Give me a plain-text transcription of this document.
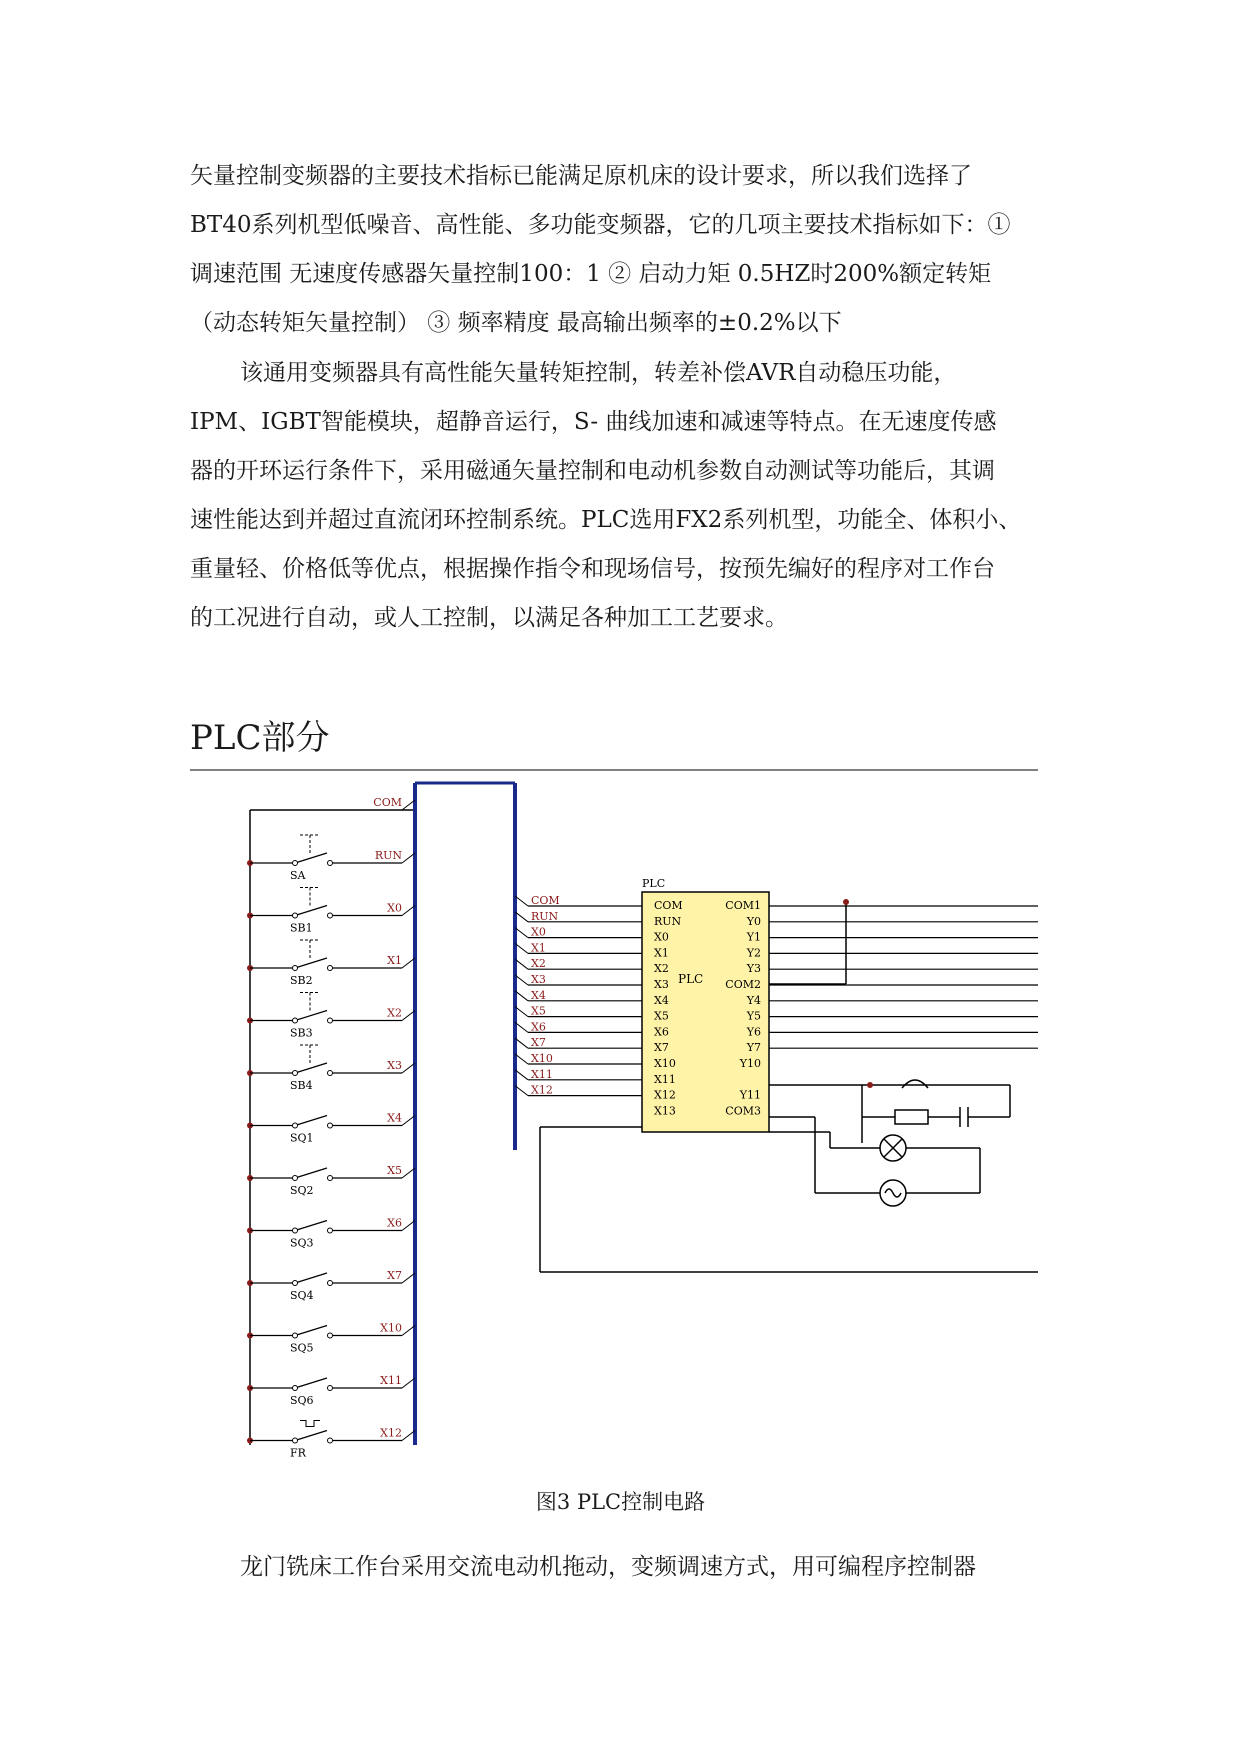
矢量控制变频器的主要技术指标已能满足原机床的设计要求，所以我们选择了
BT40系列机型低噪音、高性能、多功能变频器，它的几项主要技术指标如下：①
调速范围 无速度传感器矢量控制100：1 ② 启动力矩 0.5HZ时200%额定转矩
（动态转矩矢量控制） ③ 频率精度 最高输出频率的±0.2%以下
该通用变频器具有高性能矢量转矩控制，转差补偿AVR自动稳压功能，
IPM、IGBT智能模块，超静音运行，S- 曲线加速和减速等特点。在无速度传感
器的开环运行条件下，采用磁通矢量控制和电动机参数自动测试等功能后，其调
速性能达到并超过直流闭环控制系统。PLC选用FX2系列机型，功能全、体积小、
重量轻、价格低等优点，根据操作指令和现场信号，按预先编好的程序对工作台
的工况进行自动，或人工控制，以满足各种加工工艺要求。
PLC部分
PLC
PLC
COM
RUN
X0
X1
X2
X3
X4
X5
X6
X7
X10
X11
X12
SA
SB1
SB2
SB3
SB4
SQ1
SQ2
SQ3
SQ4
SQ5
SQ6
FR
COM	COM
RUN	RUN
X0	X0
X1	X1
X2	X2
X3	X3
X4	X4
X5	X5
X6	X6
X7	X7
X10	X10
X11	X11
X12	X12
X13
COM1
Y0
Y1
Y2
Y3
COM2
Y4
Y5
Y6
Y7
Y10
Y11
COM3

图3 PLC控制电路

龙门铣床工作台采用交流电动机拖动，变频调速方式，用可编程序控制器
